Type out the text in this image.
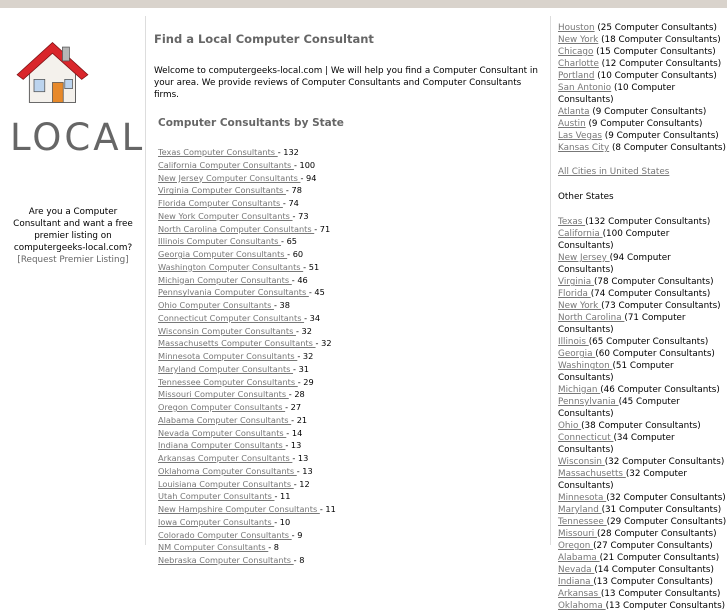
LOCAL
Are you a Computer Consultant and want a free premier listing on computergeeks-local.com?
[Request Premier Listing]
Find a Local Computer Consultant

Welcome to computergeeks-local.com | We will help you find a Computer Consultant in your area. We provide reviews of Computer Consultants and Computer Consultants firms.

Computer Consultants by State
Texas Computer Consultants - 132
California Computer Consultants - 100
New Jersey Computer Consultants - 94
Virginia Computer Consultants - 78
Florida Computer Consultants - 74
New York Computer Consultants - 73
North Carolina Computer Consultants - 71
Illinois Computer Consultants - 65
Georgia Computer Consultants - 60
Washington Computer Consultants - 51
Michigan Computer Consultants - 46
Pennsylvania Computer Consultants - 45
Ohio Computer Consultants - 38
Connecticut Computer Consultants - 34
Wisconsin Computer Consultants - 32
Massachusetts Computer Consultants - 32
Minnesota Computer Consultants - 32
Maryland Computer Consultants - 31
Tennessee Computer Consultants - 29
Missouri Computer Consultants - 28
Oregon Computer Consultants - 27
Alabama Computer Consultants - 21
Nevada Computer Consultants - 14
Indiana Computer Consultants - 13
Arkansas Computer Consultants - 13
Oklahoma Computer Consultants - 13
Louisiana Computer Consultants - 12
Utah Computer Consultants - 11
New Hampshire Computer Consultants - 11
Iowa Computer Consultants - 10
Colorado Computer Consultants - 9
NM Computer Consultants - 8
Nebraska Computer Consultants - 8
Houston (25 Computer Consultants)
New York (18 Computer Consultants)
Chicago (15 Computer Consultants)
Charlotte (12 Computer Consultants)
Portland (10 Computer Consultants)
San Antonio (10 Computer Consultants)
Atlanta (9 Computer Consultants)
Austin (9 Computer Consultants)
Las Vegas (9 Computer Consultants)
Kansas City (8 Computer Consultants)
All Cities in United States
Other States
Texas (132 Computer Consultants)
California (100 Computer Consultants)
New Jersey (94 Computer Consultants)
Virginia (78 Computer Consultants)
Florida (74 Computer Consultants)
New York (73 Computer Consultants)
North Carolina (71 Computer Consultants)
Illinois (65 Computer Consultants)
Georgia (60 Computer Consultants)
Washington (51 Computer Consultants)
Michigan (46 Computer Consultants)
Pennsylvania (45 Computer Consultants)
Ohio (38 Computer Consultants)
Connecticut (34 Computer Consultants)
Wisconsin (32 Computer Consultants)
Massachusetts (32 Computer Consultants)
Minnesota (32 Computer Consultants)
Maryland (31 Computer Consultants)
Tennessee (29 Computer Consultants)
Missouri (28 Computer Consultants)
Oregon (27 Computer Consultants)
Alabama (21 Computer Consultants)
Nevada (14 Computer Consultants)
Indiana (13 Computer Consultants)
Arkansas (13 Computer Consultants)
Oklahoma (13 Computer Consultants)
